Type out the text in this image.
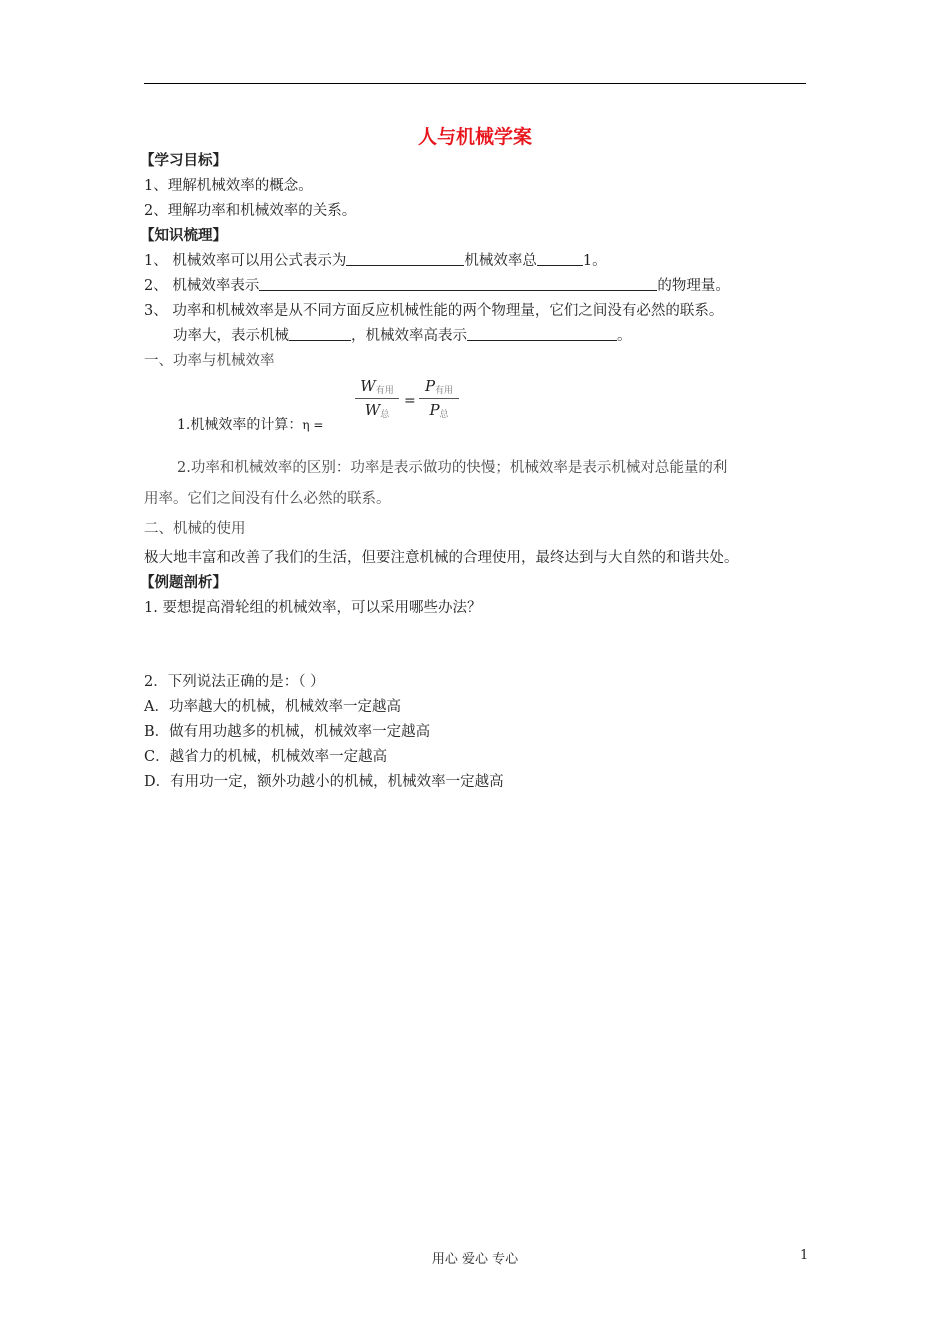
人与机械学案
【学习目标】
1、理解机械效率的概念。
2、理解功率和机械效率的关系。
【知识梳理】
1、 机械效率可以用公式表示为	机械效率总	1。
2、 机械效率表示	的物理量。
3、 功率和机械效率是从不同方面反应机械性能的两个物理量，它们之间没有必然的联系。
功率大，表示机械	，机械效率高表示	。
一、功率与机械效率
1.机械效率的计算：η =
$W_{有用}$
$W_总$
=
$P_{有用}$
$P_总$
2.功率和机械效率的区别：功率是表示做功的快慢；机械效率是表示机械对总能量的利
用率。它们之间没有什么必然的联系。
二、机械的使用
极大地丰富和改善了我们的生活，但要注意机械的合理使用，最终达到与大自然的和谐共处。
【例题剖析】
1. 要想提高滑轮组的机械效率，可以采用哪些办法？
2．下列说法正确的是：（ ）
A．功率越大的机械，机械效率一定越高
B．做有用功越多的机械，机械效率一定越高
C．越省力的机械，机械效率一定越高
D．有用功一定，额外功越小的机械，机械效率一定越高
用心 爱心 专心	1
